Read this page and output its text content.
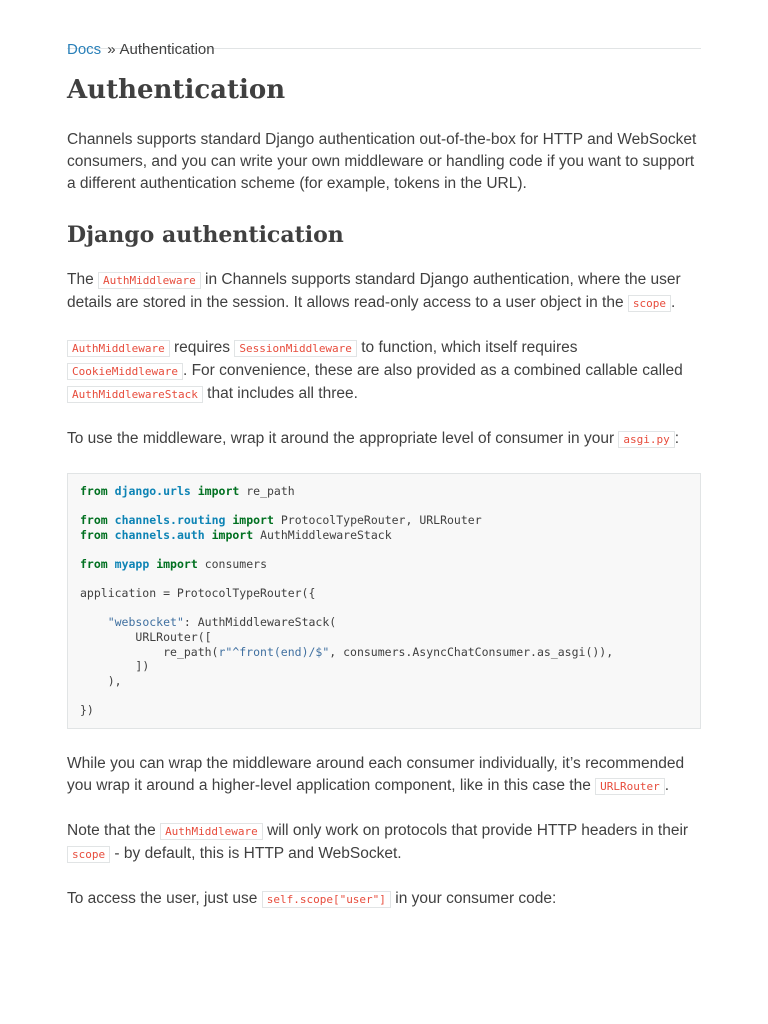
Docs » Authentication
Authentication

Channels supports standard Django authentication out-of-the-box for HTTP and WebSocket consumers, and you can write your own middleware or handling code if you want to support a different authentication scheme (for example, tokens in the URL).

Django authentication

The AuthMiddleware in Channels supports standard Django authentication, where the user details are stored in the session. It allows read-only access to a user object in the scope .

AuthMiddleware requires SessionMiddleware to function, which itself requires CookieMiddleware . For convenience, these are also provided as a combined callable called AuthMiddlewareStack that includes all three.

To use the middleware, wrap it around the appropriate level of consumer in your asgi.py :

from django.urls import re_path

from channels.routing import ProtocolTypeRouter, URLRouter
from channels.auth import AuthMiddlewareStack

from myapp import consumers

application = ProtocolTypeRouter({

"websocket": AuthMiddlewareStack(
URLRouter([
re_path(r"^front(end)/$", consumers.AsyncChatConsumer.as_asgi()),
])
),

})

While you can wrap the middleware around each consumer individually, it’s recommended you wrap it around a higher-level application component, like in this case the URLRouter .

Note that the AuthMiddleware will only work on protocols that provide HTTP headers in their scope - by default, this is HTTP and WebSocket.

To access the user, just use self.scope["user"] in your consumer code:
